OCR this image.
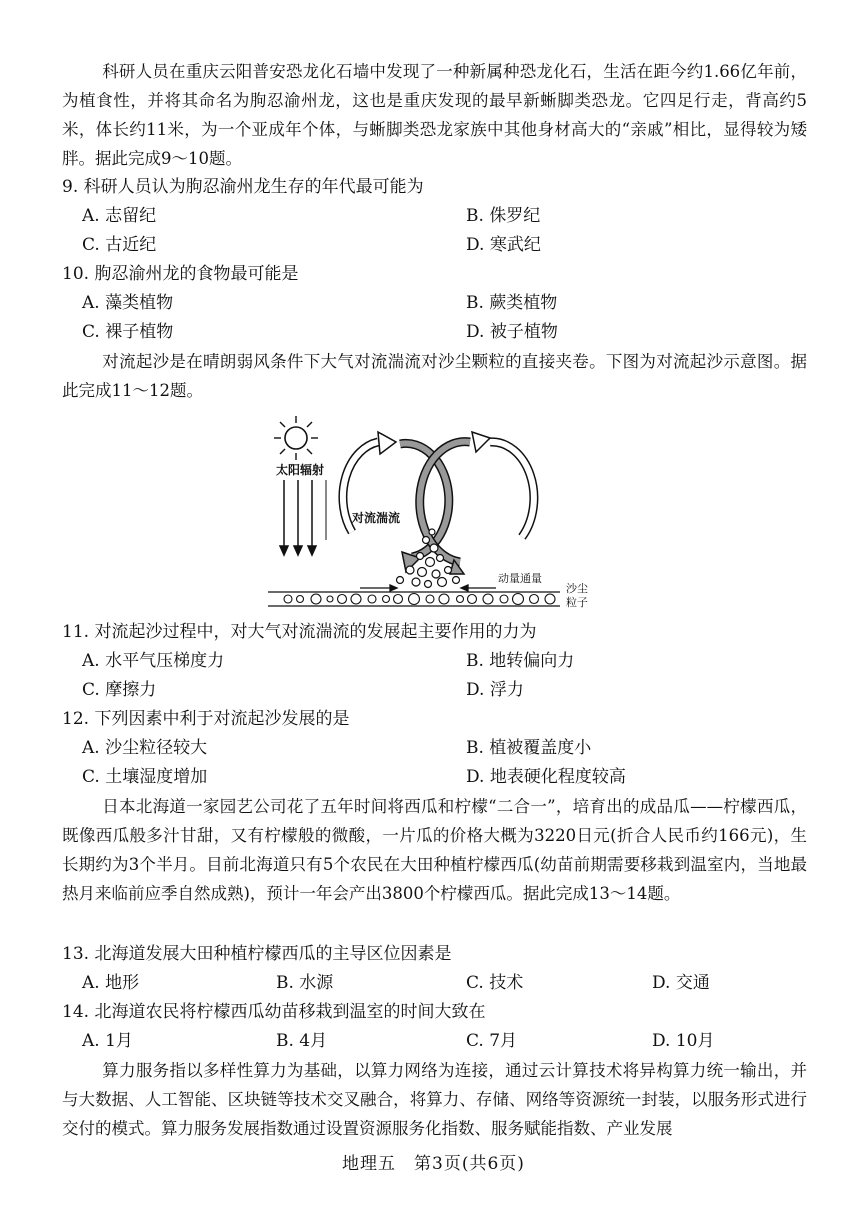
科研人员在重庆云阳普安恐龙化石墙中发现了一种新属种恐龙化石，生活在距今约1.66亿年前，为植食性，并将其命名为朐忍渝州龙，这也是重庆发现的最早新蜥脚类恐龙。它四足行走，背高约5米，体长约11米，为一个亚成年个体，与蜥脚类恐龙家族中其他身材高大的“亲戚”相比，显得较为矮胖。据此完成9～10题。
9. 科研人员认为朐忍渝州龙生存的年代最可能为
A. 志留纪	B. 侏罗纪
C. 古近纪	D. 寒武纪
10. 朐忍渝州龙的食物最可能是
A. 藻类植物	B. 蕨类植物
C. 裸子植物	D. 被子植物
对流起沙是在晴朗弱风条件下大气对流湍流对沙尘颗粒的直接夹卷。下图为对流起沙示意图。据此完成11～12题。
太阳辐射
对流湍流
动量通量
沙尘
粒子
11. 对流起沙过程中，对大气对流湍流的发展起主要作用的力为
A. 水平气压梯度力	B. 地转偏向力
C. 摩擦力	D. 浮力
12. 下列因素中利于对流起沙发展的是
A. 沙尘粒径较大	B. 植被覆盖度小
C. 土壤湿度增加	D. 地表硬化程度较高
日本北海道一家园艺公司花了五年时间将西瓜和柠檬“二合一”，培育出的成品瓜——柠檬西瓜，既像西瓜般多汁甘甜，又有柠檬般的微酸，一片瓜的价格大概为3220日元(折合人民币约166元)，生长期约为3个半月。目前北海道只有5个农民在大田种植柠檬西瓜(幼苗前期需要移栽到温室内，当地最热月来临前应季自然成熟)，预计一年会产出3800个柠檬西瓜。据此完成13～14题。
13. 北海道发展大田种植柠檬西瓜的主导区位因素是
A. 地形	B. 水源	C. 技术	D. 交通
14. 北海道农民将柠檬西瓜幼苗移栽到温室的时间大致在
A. 1月	B. 4月	C. 7月	D. 10月
算力服务指以多样性算力为基础，以算力网络为连接，通过云计算技术将异构算力统一输出，并与大数据、人工智能、区块链等技术交叉融合，将算力、存储、网络等资源统一封装，以服务形式进行交付的模式。算力服务发展指数通过设置资源服务化指数、服务赋能指数、产业发展
地理五　第3页(共6页)
